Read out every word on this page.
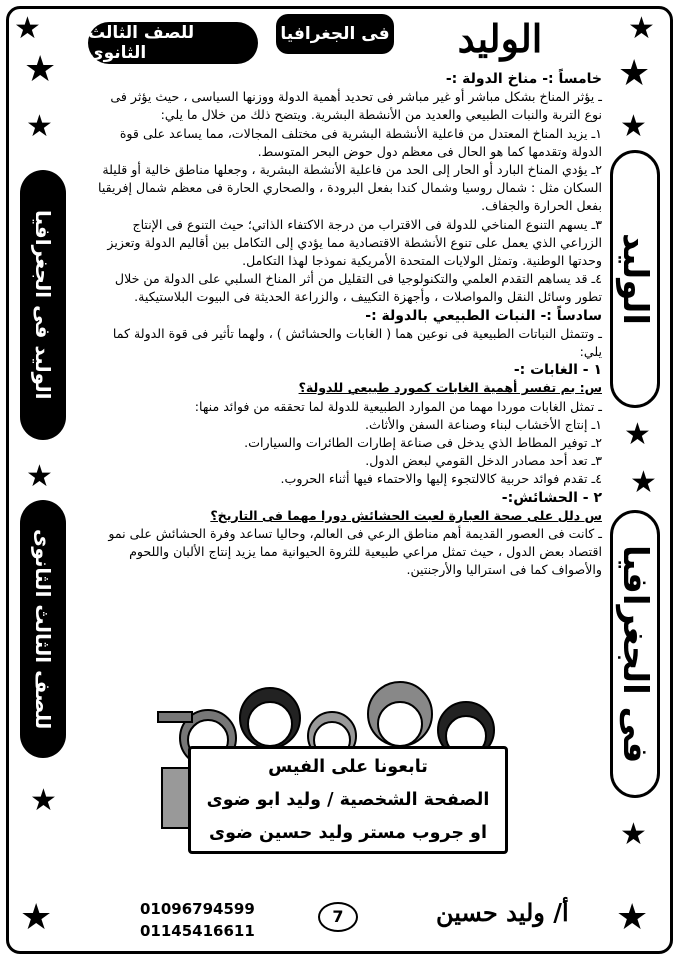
★
★
★
★
★
★
★
★
★
★
★
★
★
للصف الثالث الثانوى
فى الجغرافيا	الوليد
الوليد فى الجغرافيا
للصف الثالث الثانوى
الوليد
فى الجغرافيا

خامساً :- مناخ الدولة :-

ـ يؤثر المناخ بشكل مباشر أو غير مباشر فى تحديد أهمية الدولة ووزنها السياسى ، حيث يؤثر فى نوع التربة والنبات الطبيعي والعديد من الأنشطة البشرية. ويتضح ذلك من خلال ما يلي:

١ـ يزيد المناخ المعتدل من فاعلية الأنشطة البشرية فى مختلف المجالات، مما يساعد على قوة الدولة وتقدمها كما هو الحال فى معظم دول حوض البحر المتوسط.

٢ـ يؤدي المناخ البارد أو الحار إلى الحد من فاعلية الأنشطة البشرية ، وجعلها مناطق خالية أو قليلة السكان مثل : شمال روسيا وشمال كندا بفعل البرودة ، والصحاري الحارة فى معظم شمال إفريقيا بفعل الحرارة والجفاف.

٣ـ يسهم التنوع المناخي للدولة فى الاقتراب من درجة الاكتفاء الذاتي؛ حيث التنوع فى الإنتاج الزراعي الذي يعمل على تنوع الأنشطة الاقتصادية مما يؤدي إلى التكامل بين أقاليم الدولة وتعزيز وحدتها الوطنية. وتمثل الولايات المتحدة الأمريكية نموذجا لهذا التكامل.

٤ـ قد يساهم التقدم العلمي والتكنولوجيا فى التقليل من أثر المناخ السلبي على الدولة من خلال تطور وسائل النقل والمواصلات ، وأجهزة التكييف ، والزراعة الحديثة فى البيوت البلاستيكية.

سادساً :- النبات الطبيعي بالدولة :-

ـ وتتمثل النباتات الطبيعية فى نوعين هما ( الغابات والحشائش ) ، ولهما تأثير فى قوة الدولة كما يلي:

١ - الغابات :-

س: بم تفسر أهمية الغابات كمورد طبيعي للدولة؟

ـ تمثل الغابات موردا مهما من الموارد الطبيعية للدولة لما تحققه من فوائد منها:

١ـ إنتاج الأخشاب لبناء وصناعة السفن والأثاث.

٢ـ توفير المطاط الذي يدخل فى صناعة إطارات الطائرات والسيارات.

٣ـ تعد أحد مصادر الدخل القومي لبعض الدول.

٤ـ تقدم فوائد حربية كالالتجوء إليها والاحتماء فيها أثناء الحروب.

٢ - الحشائش:-

س دلل على صحة العبارة لعبت الحشائش دورا مهما فى التاريخ؟

ـ كانت فى العصور القديمة أهم مناطق الرعي فى العالم، وحاليا تساعد وفرة الحشائش على نمو اقتصاد بعض الدول ، حيث تمثل مراعي طبيعية للثروة الحيوانية مما يزيد إنتاج الألبان واللحوم والأصواف كما فى استراليا والأرجنتين.

تابعونا على الفيس
الصفحة الشخصية / وليد ابو ضوى
او جروب مستر وليد حسين ضوى
01096794599
01145416611
7	أ/ وليد حسين
